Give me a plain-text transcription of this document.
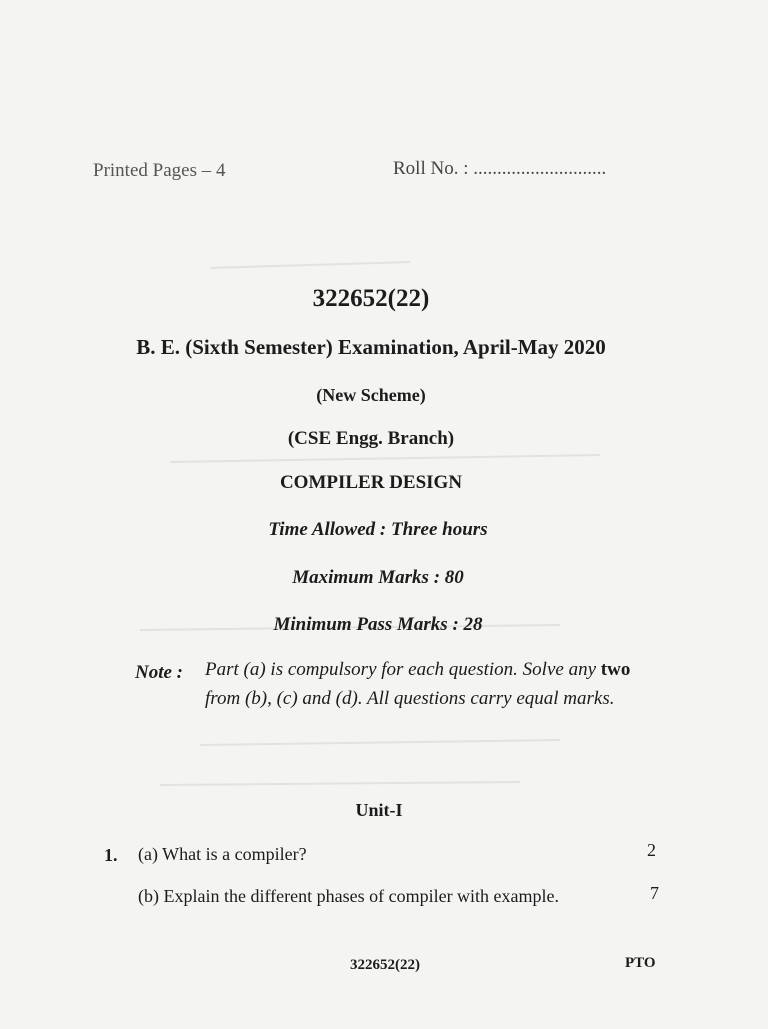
Printed Pages – 4	Roll No. : ............................
322652(22)
B. E. (Sixth Semester) Examination, April-May 2020
(New Scheme)
(CSE Engg. Branch)
COMPILER DESIGN
Time Allowed : Three hours
Maximum Marks : 80
Minimum Pass Marks : 28
Note : Part (a) is compulsory for each question. Solve any two from (b), (c) and (d). All questions carry equal marks.
Unit-I
1. (a) What is a compiler?	2
(b) Explain the different phases of compiler with example.	7
322652(22)	PTO
